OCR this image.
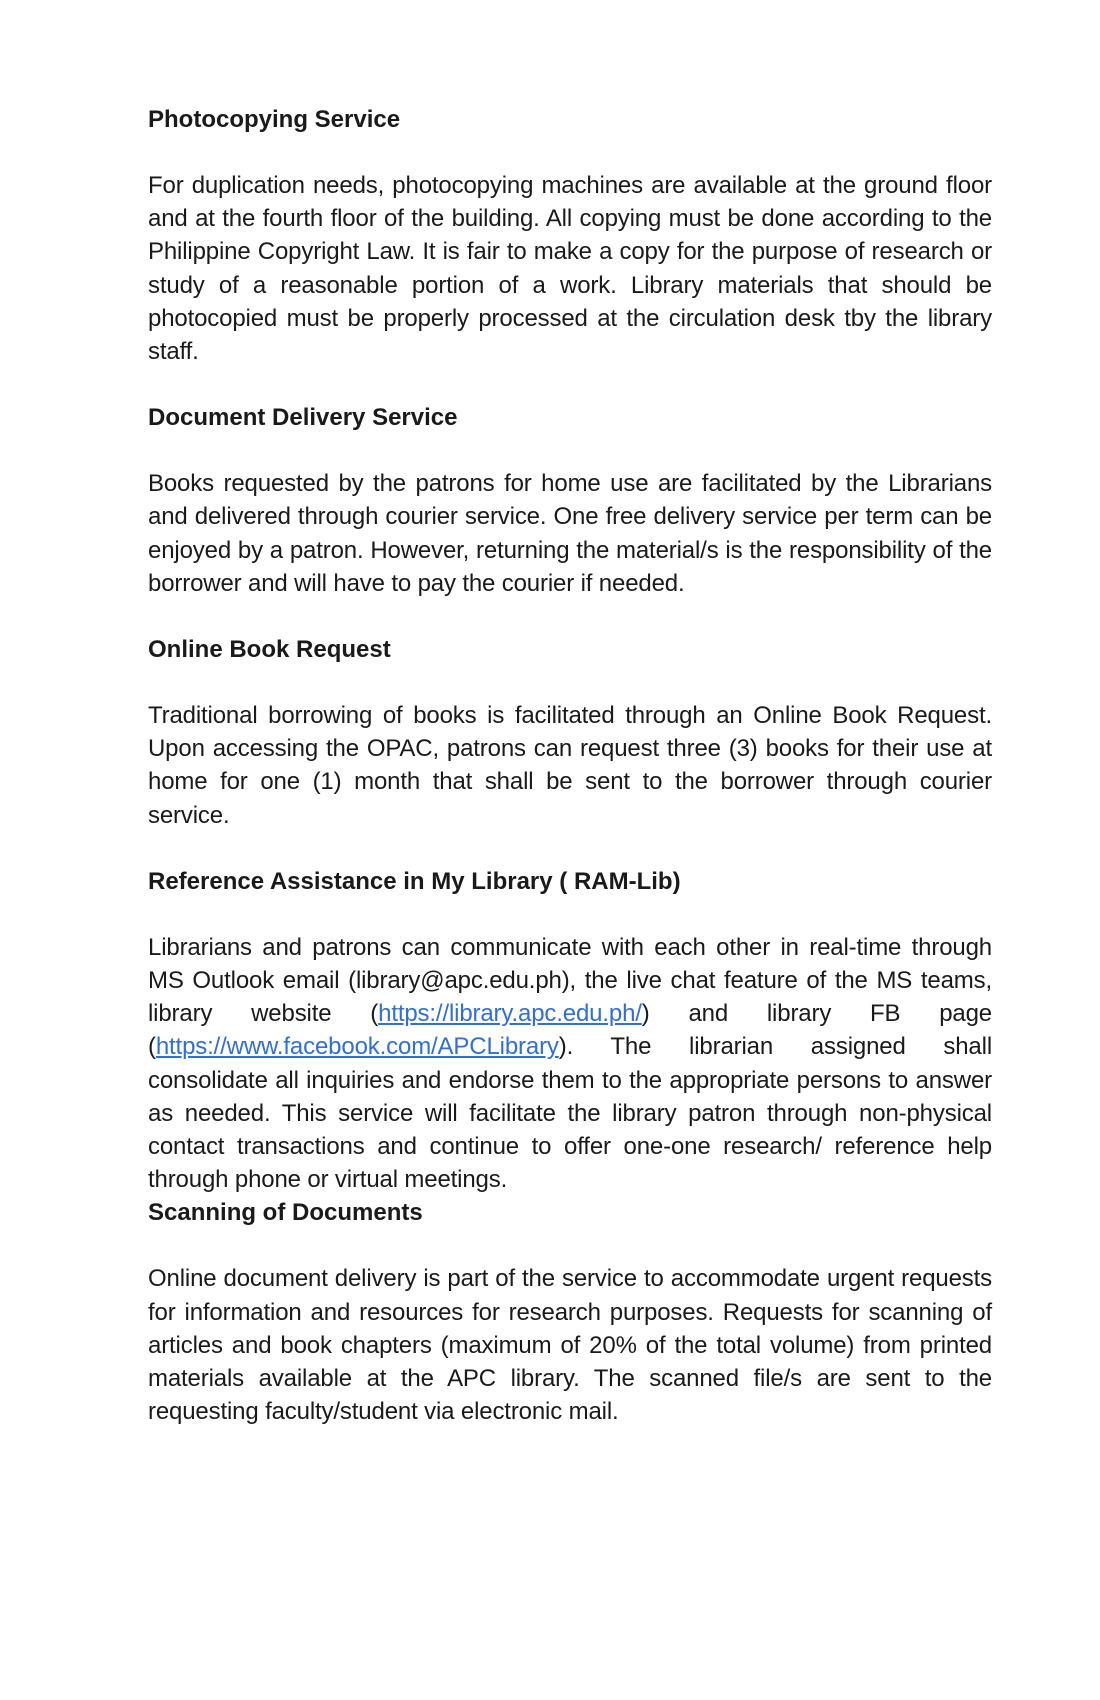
Photocopying Service

For duplication needs, photocopying machines are available at the ground floor and at the fourth floor of the building. All copying must be done according to the Philippine Copyright Law. It is fair to make a copy for the purpose of research or study of a reasonable portion of a work. Library materials that should be photocopied must be properly processed at the circulation desk tby the library staff.

Document Delivery Service

Books requested by the patrons for home use are facilitated by the Librarians and delivered through courier service. One free delivery service per term can be enjoyed by a patron. However, returning the material/s is the responsibility of the borrower and will have to pay the courier if needed.

Online Book Request

Traditional borrowing of books is facilitated through an Online Book Request. Upon accessing the OPAC, patrons can request three (3) books for their use at home for one (1) month that shall be sent to the borrower through courier service.

Reference Assistance in My Library ( RAM-Lib)

Librarians and patrons can communicate with each other in real-time through MS Outlook email (library@apc.edu.ph), the live chat feature of the MS teams, library website (https://library.apc.edu.ph/) and library FB page (https://www.facebook.com/APCLibrary). The librarian assigned shall consolidate all inquiries and endorse them to the appropriate persons to answer as needed. This service will facilitate the library patron through non-physical contact transactions and continue to offer one-one research/ reference help through phone or virtual meetings.

Scanning of Documents

Online document delivery is part of the service to accommodate urgent requests for information and resources for research purposes. Requests for scanning of articles and book chapters (maximum of 20% of the total volume) from printed materials available at the APC library. The scanned file/s are sent to the requesting faculty/student via electronic mail.
